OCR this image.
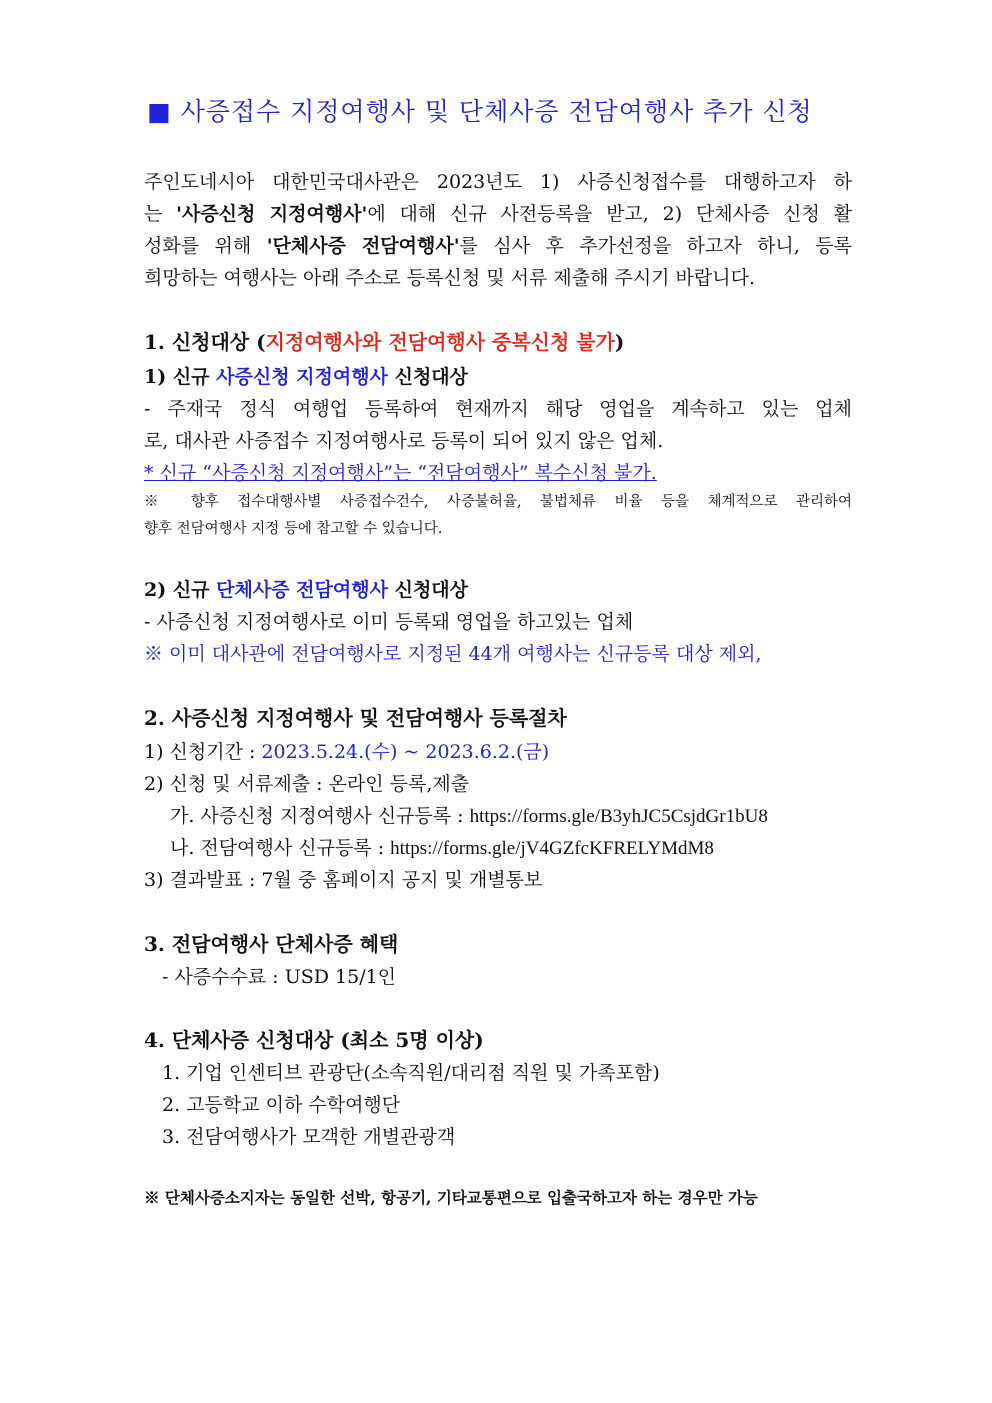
■ 사증접수 지정여행사 및 단체사증 전담여행사 추가 신청
주인도네시아 대한민국대사관은 2023년도 1) 사증신청접수를 대행하고자 하
는 '사증신청 지정여행사'에 대해 신규 사전등록을 받고, 2) 단체사증 신청 활
성화를 위해 '단체사증 전담여행사'를 심사 후 추가선정을 하고자 하니, 등록
희망하는 여행사는 아래 주소로 등록신청 및 서류 제출해 주시기 바랍니다.
1. 신청대상 (지정여행사와 전담여행사 중복신청 불가)
1) 신규 사증신청 지정여행사 신청대상
- 주재국 정식 여행업 등록하여 현재까지 해당 영업을 계속하고 있는 업체
로, 대사관 사증접수 지정여행사로 등록이 되어 있지 않은 업체.
* 신규 “사증신청 지정여행사”는 “전담여행사” 복수신청 불가.
※ 향후 접수대행사별 사증접수건수, 사증불허율, 불법체류 비율 등을 체계적으로 관리하여
향후 전담여행사 지정 등에 참고할 수 있습니다.
2) 신규 단체사증 전담여행사 신청대상
- 사증신청 지정여행사로 이미 등록돼 영업을 하고있는 업체
※ 이미 대사관에 전담여행사로 지정된 44개 여행사는 신규등록 대상 제외,
2. 사증신청 지정여행사 및 전담여행사 등록절차
1) 신청기간 : 2023.5.24.(수) ~ 2023.6.2.(금)
2) 신청 및 서류제출 : 온라인 등록,제출
가. 사증신청 지정여행사 신규등록 : https://forms.gle/B3yhJC5CsjdGr1bU8
나. 전담여행사 신규등록 : https://forms.gle/jV4GZfcKFRELYMdM8
3) 결과발표 : 7월 중 홈페이지 공지 및 개별통보
3. 전담여행사 단체사증 혜택
- 사증수수료 : USD 15/1인
4. 단체사증 신청대상 (최소 5명 이상)
1. 기업 인센티브 관광단(소속직원/대리점 직원 및 가족포함)
2. 고등학교 이하 수학여행단
3. 전담여행사가 모객한 개별관광객
※ 단체사증소지자는 동일한 선박, 항공기, 기타교통편으로 입출국하고자 하는 경우만 가능
